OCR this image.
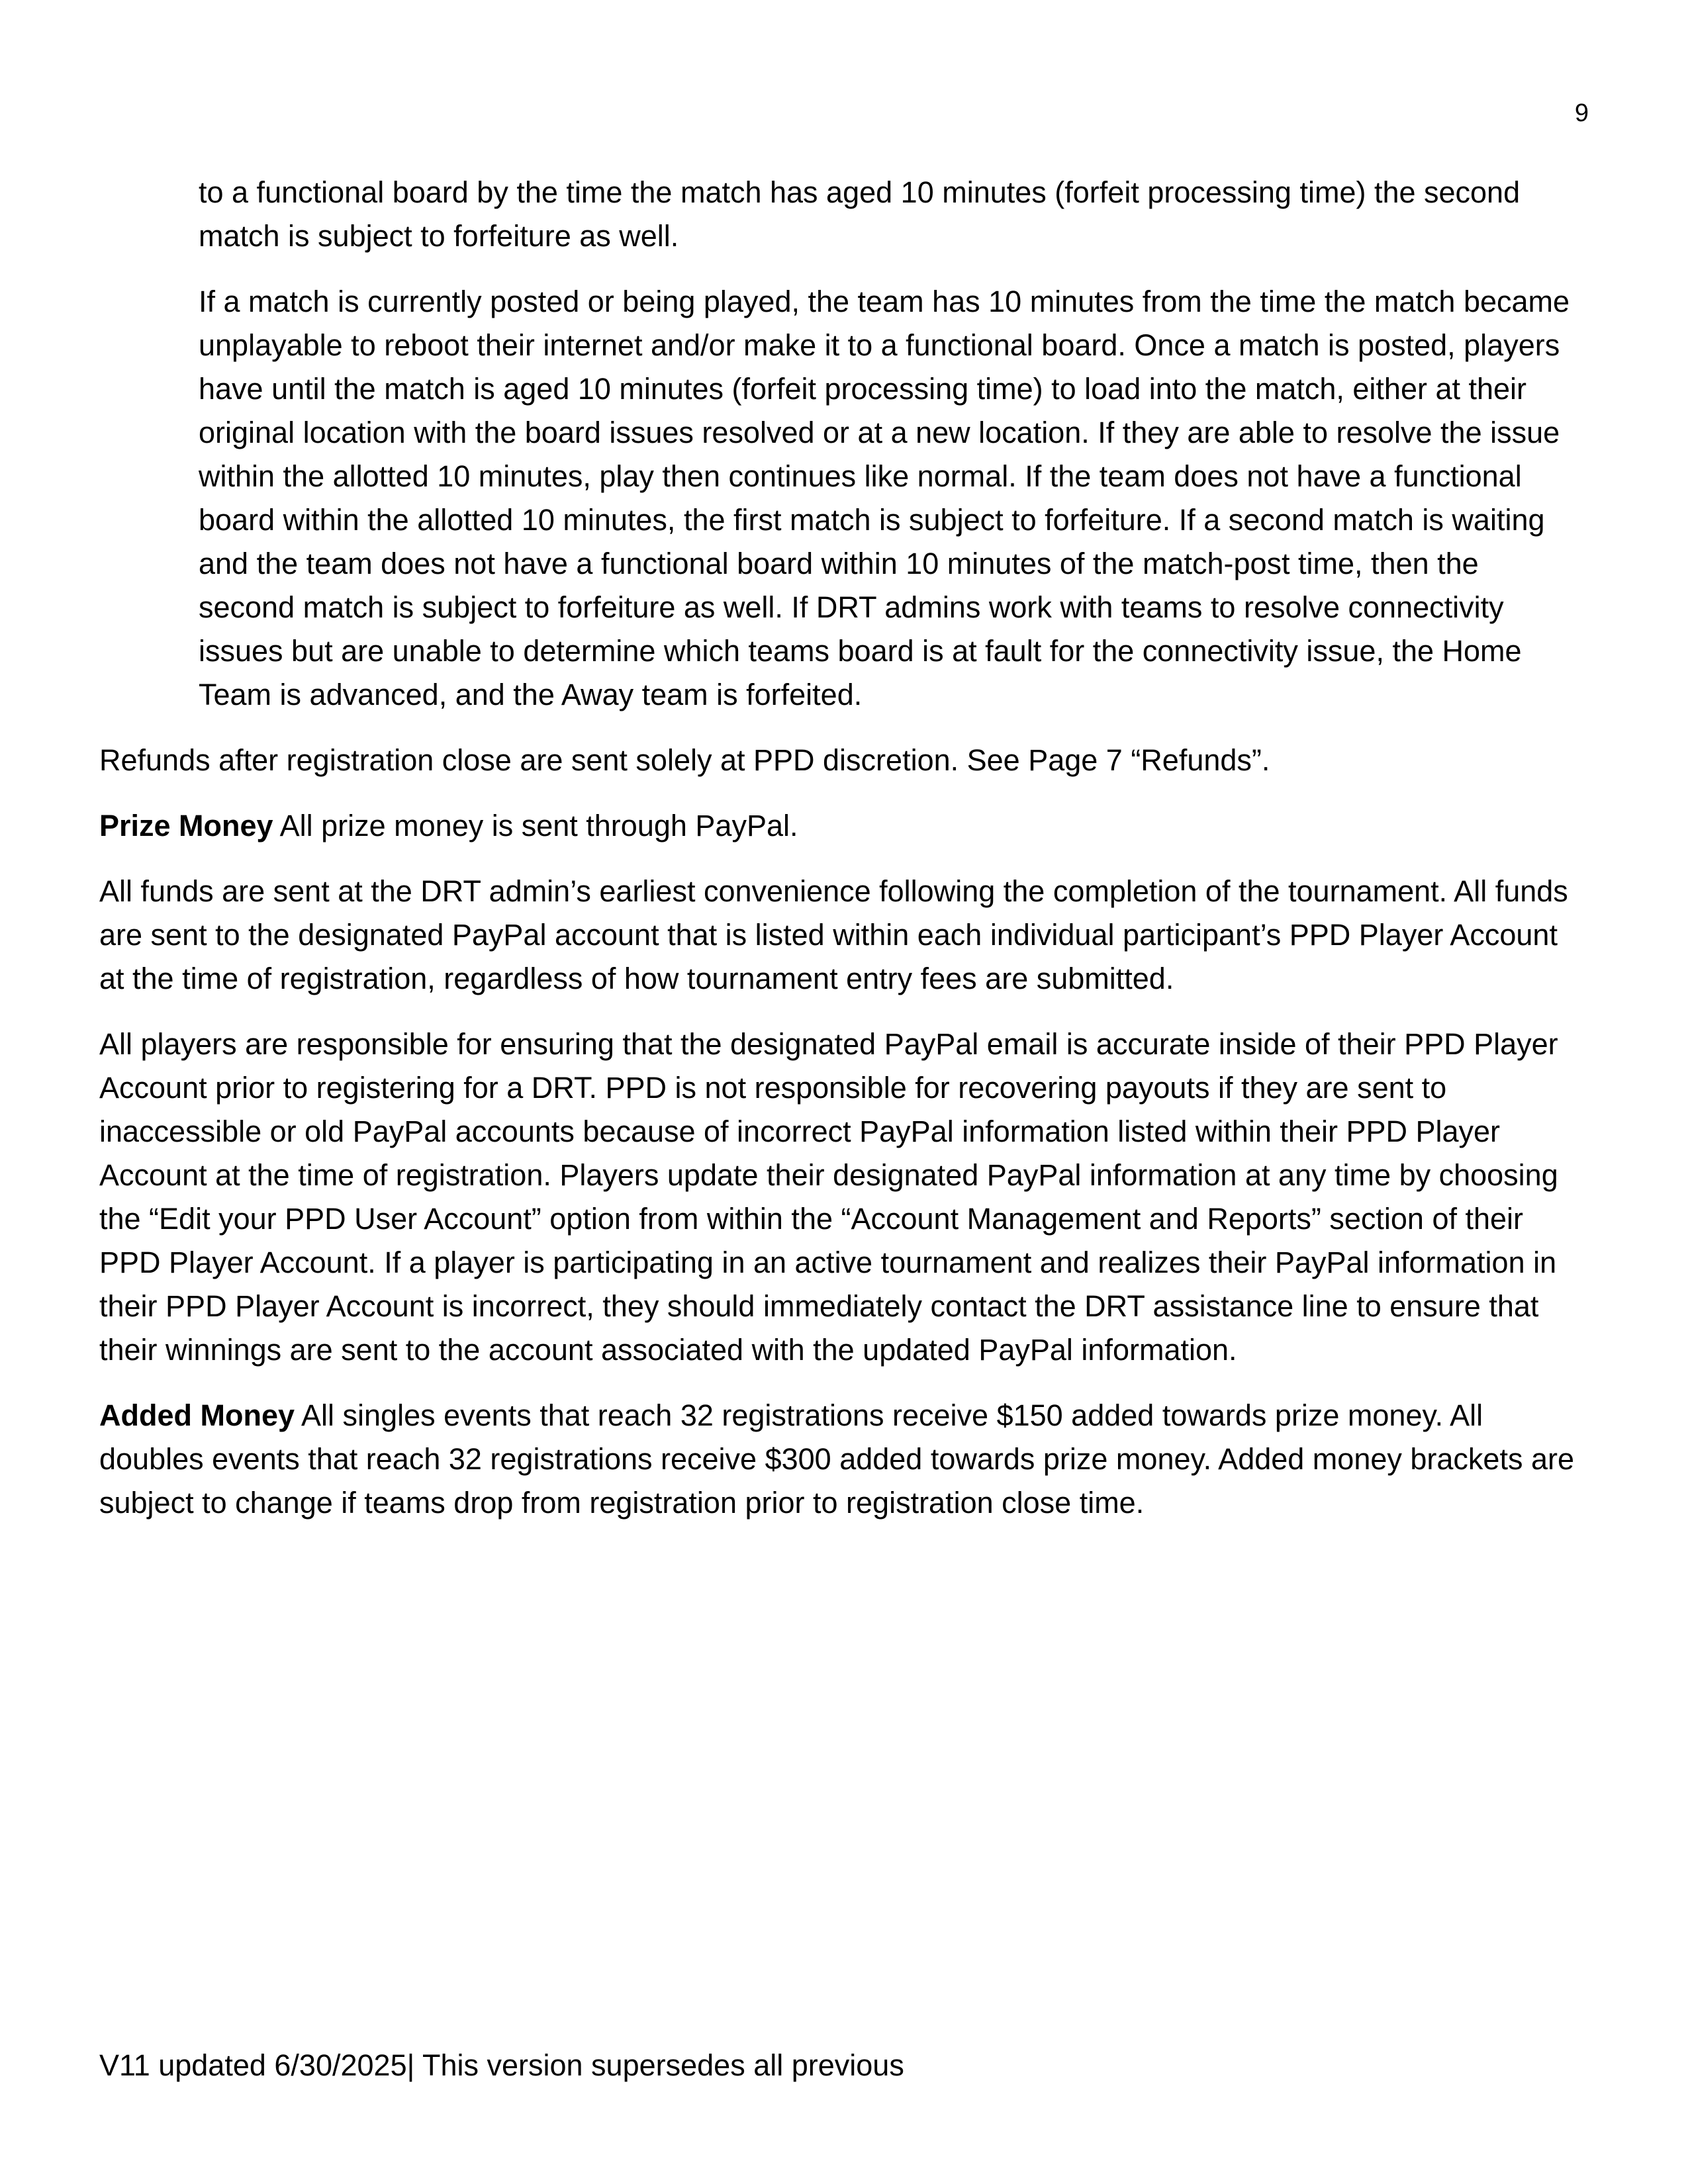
9

to a functional board by the time the match has aged 10 minutes (forfeit processing time) the second match is subject to forfeiture as well.

If a match is currently posted or being played, the team has 10 minutes from the time the match became unplayable to reboot their internet and/or make it to a functional board. Once a match is posted, players have until the match is aged 10 minutes (forfeit processing time) to load into the match, either at their original location with the board issues resolved or at a new location. If they are able to resolve the issue within the allotted 10 minutes, play then continues like normal. If the team does not have a functional board within the allotted 10 minutes, the first match is subject to forfeiture. If a second match is waiting and the team does not have a functional board within 10 minutes of the match-post time, then the second match is subject to forfeiture as well. If DRT admins work with teams to resolve connectivity issues but are unable to determine which teams board is at fault for the connectivity issue, the Home Team is advanced, and the Away team is forfeited.

Refunds after registration close are sent solely at PPD discretion. See Page 7 “Refunds”.

Prize Money All prize money is sent through PayPal.

All funds are sent at the DRT admin’s earliest convenience following the completion of the tournament. All funds are sent to the designated PayPal account that is listed within each individual participant’s PPD Player Account at the time of registration, regardless of how tournament entry fees are submitted.

All players are responsible for ensuring that the designated PayPal email is accurate inside of their PPD Player Account prior to registering for a DRT. PPD is not responsible for recovering payouts if they are sent to inaccessible or old PayPal accounts because of incorrect PayPal information listed within their PPD Player Account at the time of registration. Players update their designated PayPal information at any time by choosing the “Edit your PPD User Account” option from within the “Account Management and Reports” section of their PPD Player Account. If a player is participating in an active tournament and realizes their PayPal information in their PPD Player Account is incorrect, they should immediately contact the DRT assistance line to ensure that their winnings are sent to the account associated with the updated PayPal information.

Added Money All singles events that reach 32 registrations receive $150 added towards prize money. All doubles events that reach 32 registrations receive $300 added towards prize money. Added money brackets are subject to change if teams drop from registration prior to registration close time.

V11 updated 6/30/2025| This version supersedes all previous
